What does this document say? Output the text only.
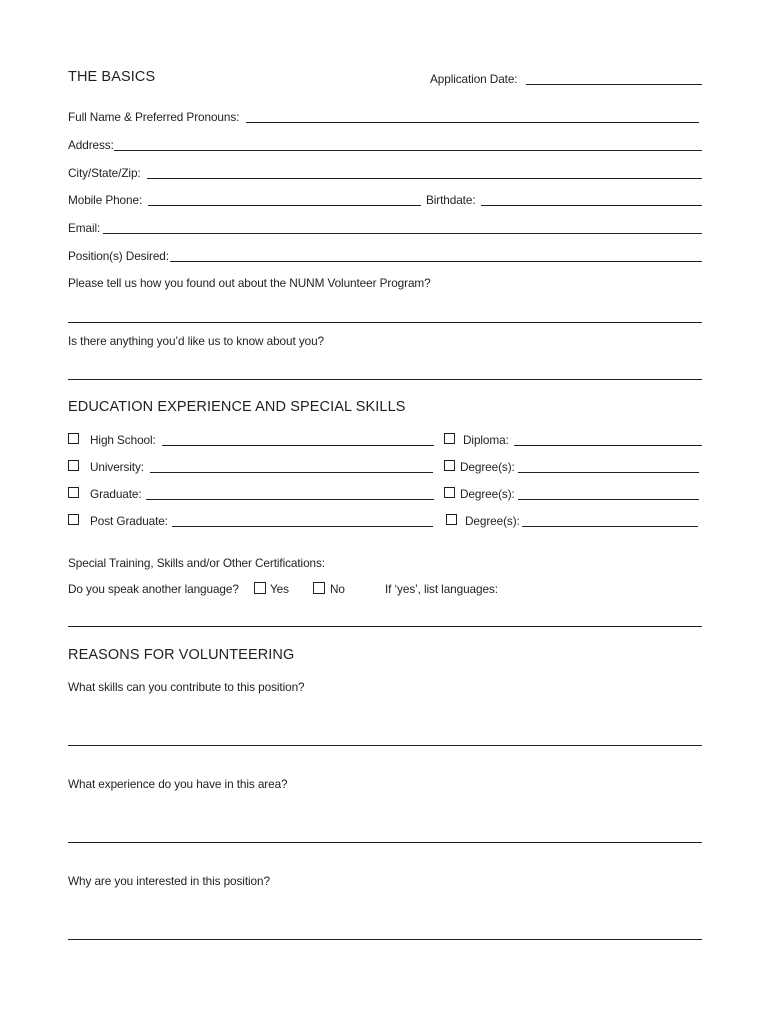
THE BASICS	Application Date:
Full Name & Preferred Pronouns:
Address:
City/State/Zip:
Mobile Phone:	Birthdate:
Email:
Position(s) Desired:
Please tell us how you found out about the NUNM Volunteer Program?
Is there anything you’d like us to know about you?
EDUCATION EXPERIENCE AND SPECIAL SKILLS
High School:	Diploma:
University:	Degree(s):
Graduate:	Degree(s):
Post Graduate:	Degree(s):
Special Training, Skills and/or Other Certifications:
Do you speak another language?	Yes	No	If ‘yes’, list languages:
REASONS FOR VOLUNTEERING
What skills can you contribute to this position?
What experience do you have in this area?
Why are you interested in this position?
